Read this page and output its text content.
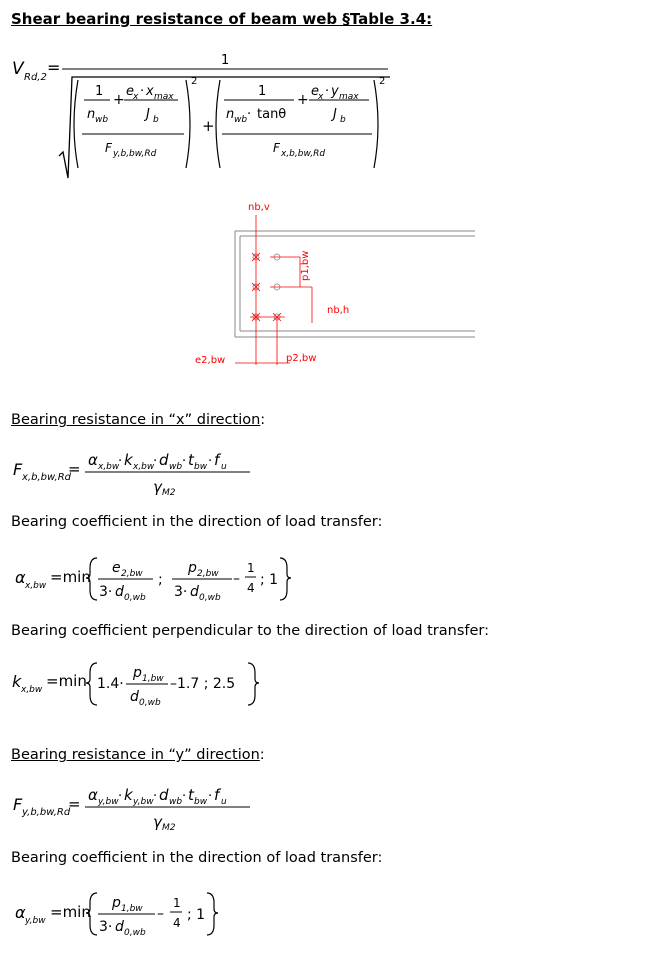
Shear bearing resistance of beam web §Table 3.4:
V Rd,2
=	1
2
1
n wb
+
e x · x max
J b
F y,b,bw,Rd
+
2
1
n wb · tanθ
+
e x · y max
J b
F x,b,bw,Rd
nb,v
p1,bw
nb,h
e2,bw	p2,bw
Bearing resistance in “x” direction:
F x,b,bw,Rd
= α x,bw
· k x,bw
· d wb · t bw · f u
γ M2
Bearing coefficient in the direction of load transfer:
α x,bw =min e 2,bw
3· d 0,wb
;
p 2,bw
3· d 0,wb
–
1
4 ; 1
Bearing coefficient perpendicular to the direction of load transfer:
k x,bw =min 1.4·
p 1,bw
d 0,wb
–1.7 ; 2.5
Bearing resistance in “y” direction:
F y,b,bw,Rd
= α y,bw · k y,bw · d wb · t bw · f u
γ M2
Bearing coefficient in the direction of load transfer:
α y,bw =min p 1,bw
3· d 0,wb
–
1
4 ; 1
